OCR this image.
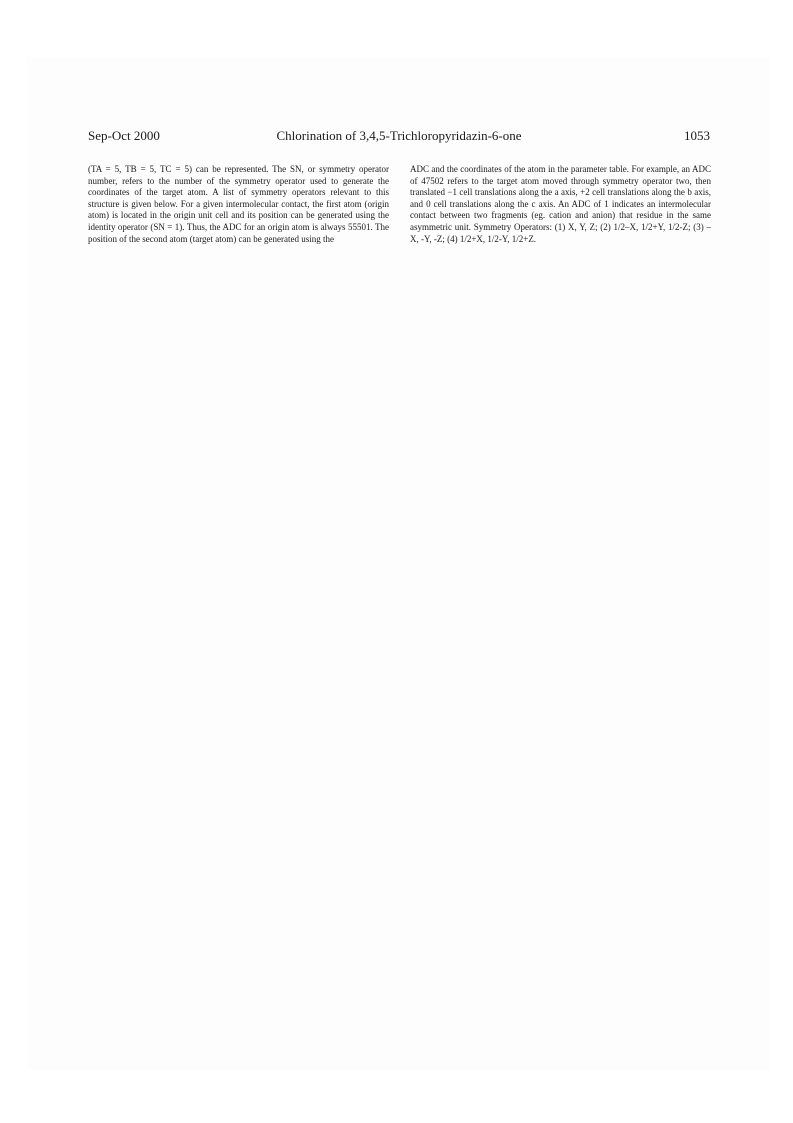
Sep-Oct 2000	Chlorination of 3,4,5-Trichloropyridazin-6-one	1053

(TA = 5, TB = 5, TC = 5) can be represented. The SN, or symmetry operator number, refers to the number of the symmetry operator used to generate the coordinates of the target atom. A list of symmetry operators relevant to this structure is given below. For a given intermolecular contact, the first atom (origin atom) is located in the origin unit cell and its position can be generated using the identity operator (SN = 1). Thus, the ADC for an origin atom is always 55501. The position of the second atom (target atom) can be generated using the

ADC and the coordinates of the atom in the parameter table. For example, an ADC of 47502 refers to the target atom moved through symmetry operator two, then translated −1 cell translations along the a axis, +2 cell translations along the b axis, and 0 cell translations along the c axis. An ADC of 1 indicates an intermolecular contact between two fragments (eg. cation and anion) that residue in the same asymmetric unit. Symmetry Operators: (1) X, Y, Z; (2) 1/2–X, 1/2+Y, 1/2-Z; (3) –X, -Y, -Z; (4) 1/2+X, 1/2-Y, 1/2+Z.
